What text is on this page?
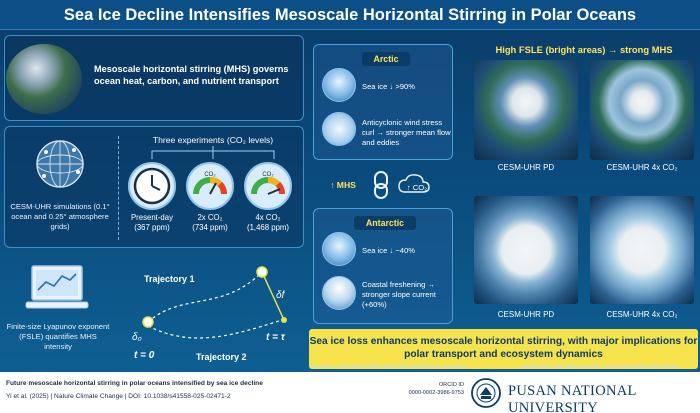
Sea Ice Decline Intensifies Mesoscale Horizontal Stirring in Polar Oceans
Mesoscale horizontal stirring (MHS) governs ocean heat, carbon, and nutrient transport
CESM-UHR simulations (0.1° ocean and 0.25° atmosphere grids)
Three experiments (CO₂ levels)
CO₂	CO₂
Present-day
(367 ppm)
2x CO₂
(734 ppm)
4x CO₂
(1,468 ppm)
Finite-size Lyapunov exponent (FSLE) quantifies MHS intensity
Trajectory 1
Trajectory 2
δ₀
δf
t = 0
t = τ
Arctic
Sea ice ↓ >90%
Anticyclonic wind stress curl → stronger mean flow and eddies
↑ MHS	↑ CO₂
Antarctic
Sea ice ↓ ~40%
Coastal freshening → stronger slope current (+60%)
High FSLE (bright areas) → strong MHS
CESM-UHR PD	CESM-UHR 4x CO₂
CESM-UHR PD	CESM-UHR 4x CO₂
Sea ice loss enhances mesoscale horizontal stirring, with major implications for polar transport and ecosystem dynamics
Basemap credit: NASA Visible Earth (https://visibleearth.nasa.gov/)	CESM-UHR: Ultra-High-Resolution Community Earth System Model
Future mesoscale horizontal stirring in polar oceans intensified by sea ice decline
Yi et al. (2025) | Nature Climate Change | DOI: 10.1038/s41558-025-02471-2
ORCID ID
0000-0002-3986-9753	PUSAN NATIONAL UNIVERSITY
